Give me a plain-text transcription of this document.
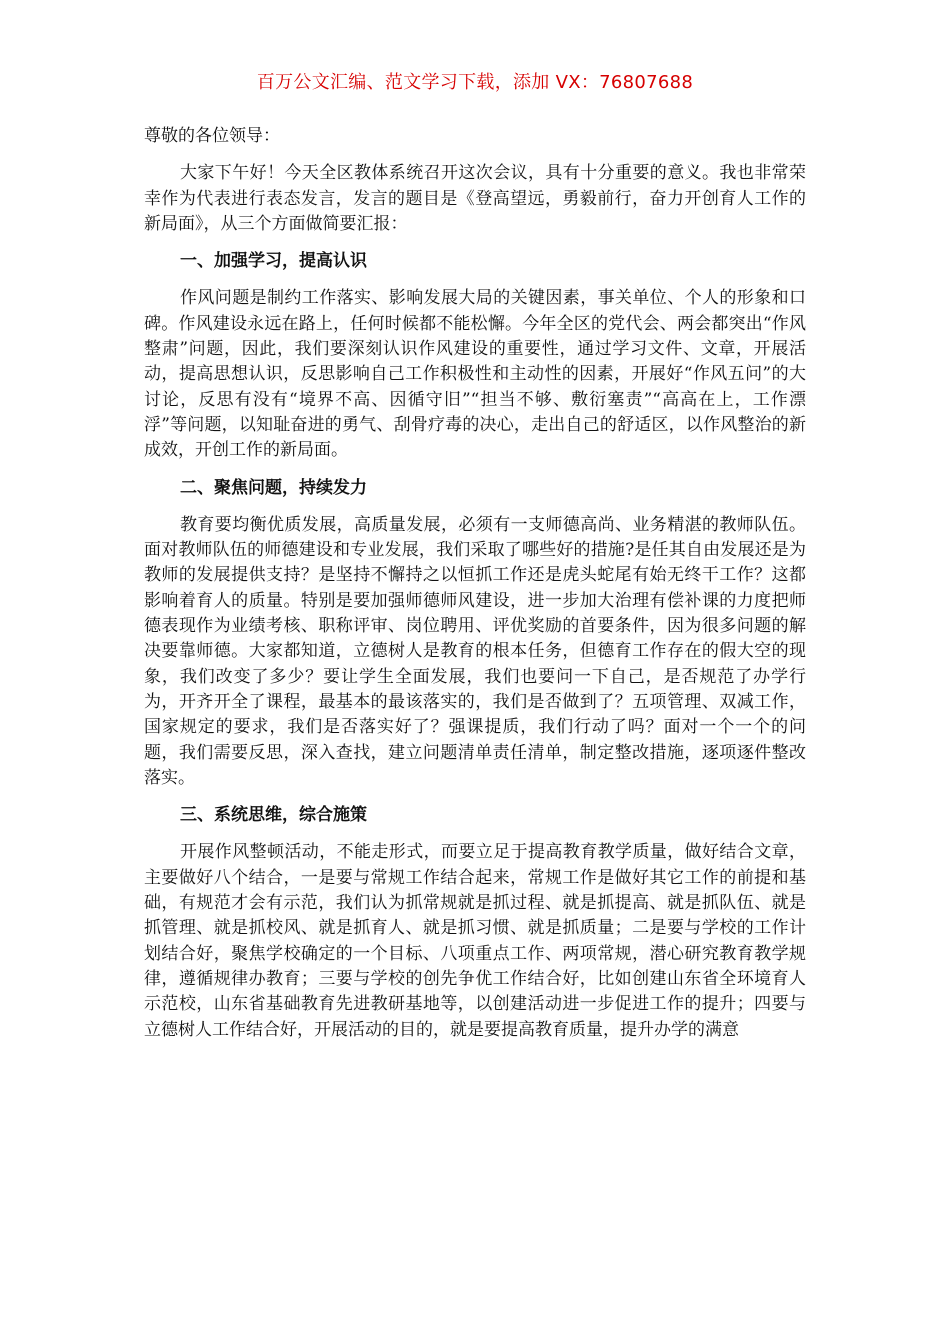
百万公文汇编、范文学习下载，添加 VX：76807688

尊敬的各位领导：

大家下午好！今天全区教体系统召开这次会议，具有十分重要的意义。我也非常荣幸作为代表进行表态发言，发言的题目是《登高望远，勇毅前行，奋力开创育人工作的新局面》，从三个方面做简要汇报：

一、加强学习，提高认识

作风问题是制约工作落实、影响发展大局的关键因素，事关单位、个人的形象和口碑。作风建设永远在路上，任何时候都不能松懈。今年全区的党代会、两会都突出“作风整肃”问题，因此，我们要深刻认识作风建设的重要性，通过学习文件、文章，开展活动，提高思想认识，反思影响自己工作积极性和主动性的因素，开展好“作风五问”的大讨论，反思有没有“境界不高、因循守旧”“担当不够、敷衍塞责”“高高在上，工作漂浮”等问题，以知耻奋进的勇气、刮骨疗毒的决心，走出自己的舒适区，以作风整治的新成效，开创工作的新局面。

二、聚焦问题，持续发力

教育要均衡优质发展，高质量发展，必须有一支师德高尚、业务精湛的教师队伍。面对教师队伍的师德建设和专业发展，我们采取了哪些好的措施?是任其自由发展还是为教师的发展提供支持？是坚持不懈持之以恒抓工作还是虎头蛇尾有始无终干工作？这都影响着育人的质量。特别是要加强师德师风建设，进一步加大治理有偿补课的力度把师德表现作为业绩考核、职称评审、岗位聘用、评优奖励的首要条件，因为很多问题的解决要靠师德。大家都知道，立德树人是教育的根本任务，但德育工作存在的假大空的现象，我们改变了多少？要让学生全面发展，我们也要问一下自己，是否规范了办学行为，开齐开全了课程，最基本的最该落实的，我们是否做到了？五项管理、双减工作，国家规定的要求，我们是否落实好了？强课提质，我们行动了吗？面对一个一个的问题，我们需要反思，深入查找，建立问题清单责任清单，制定整改措施，逐项逐件整改落实。

三、系统思维，综合施策

开展作风整顿活动，不能走形式，而要立足于提高教育教学质量，做好结合文章，主要做好八个结合，一是要与常规工作结合起来，常规工作是做好其它工作的前提和基础，有规范才会有示范，我们认为抓常规就是抓过程、就是抓提高、就是抓队伍、就是抓管理、就是抓校风、就是抓育人、就是抓习惯、就是抓质量；二是要与学校的工作计划结合好，聚焦学校确定的一个目标、八项重点工作、两项常规，潜心研究教育教学规律，遵循规律办教育；三要与学校的创先争优工作结合好，比如创建山东省全环境育人示范校，山东省基础教育先进教研基地等，以创建活动进一步促进工作的提升；四要与立德树人工作结合好，开展活动的目的，就是要提高教育质量，提升办学的满意
